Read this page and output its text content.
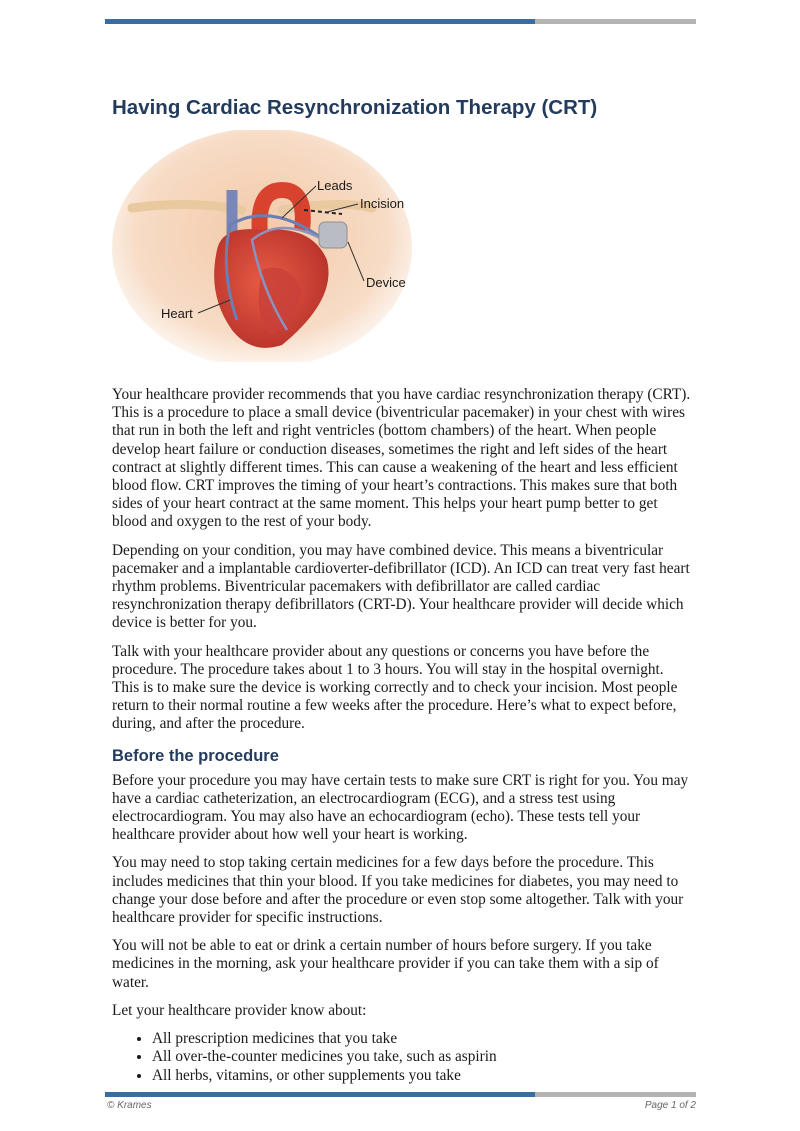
Having Cardiac Resynchronization Therapy (CRT)
Leads
Incision
Device
Heart

Your healthcare provider recommends that you have cardiac resynchronization therapy (CRT). This is a procedure to place a small device (biventricular pacemaker) in your chest with wires that run in both the left and right ventricles (bottom chambers) of the heart. When people develop heart failure or conduction diseases, sometimes the right and left sides of the heart contract at slightly different times. This can cause a weakening of the heart and less efficient blood flow. CRT improves the timing of your heart’s contractions. This makes sure that both sides of your heart contract at the same moment. This helps your heart pump better to get blood and oxygen to the rest of your body.

Depending on your condition, you may have combined device. This means a biventricular pacemaker and a implantable cardioverter-defibrillator (ICD). An ICD can treat very fast heart rhythm problems. Biventricular pacemakers with defibrillator are called cardiac resynchronization therapy defibrillators (CRT-D). Your healthcare provider will decide which device is better for you.

Talk with your healthcare provider about any questions or concerns you have before the procedure. The procedure takes about 1 to 3 hours. You will stay in the hospital overnight. This is to make sure the device is working correctly and to check your incision. Most people return to their normal routine a few weeks after the procedure. Here’s what to expect before, during, and after the procedure.

Before the procedure

Before your procedure you may have certain tests to make sure CRT is right for you. You may have a cardiac catheterization, an electrocardiogram (ECG), and a stress test using electrocardiogram. You may also have an echocardiogram (echo). These tests tell your healthcare provider about how well your heart is working.

You may need to stop taking certain medicines for a few days before the procedure. This includes medicines that thin your blood. If you take medicines for diabetes, you may need to change your dose before and after the procedure or even stop some altogether. Talk with your healthcare provider for specific instructions.

You will not be able to eat or drink a certain number of hours before surgery. If you take medicines in the morning, ask your healthcare provider if you can take them with a sip of water.

Let your healthcare provider know about:

• All prescription medicines that you take
• All over-the-counter medicines you take, such as aspirin
• All herbs, vitamins, or other supplements you take
© Krames	Page 1 of 2
